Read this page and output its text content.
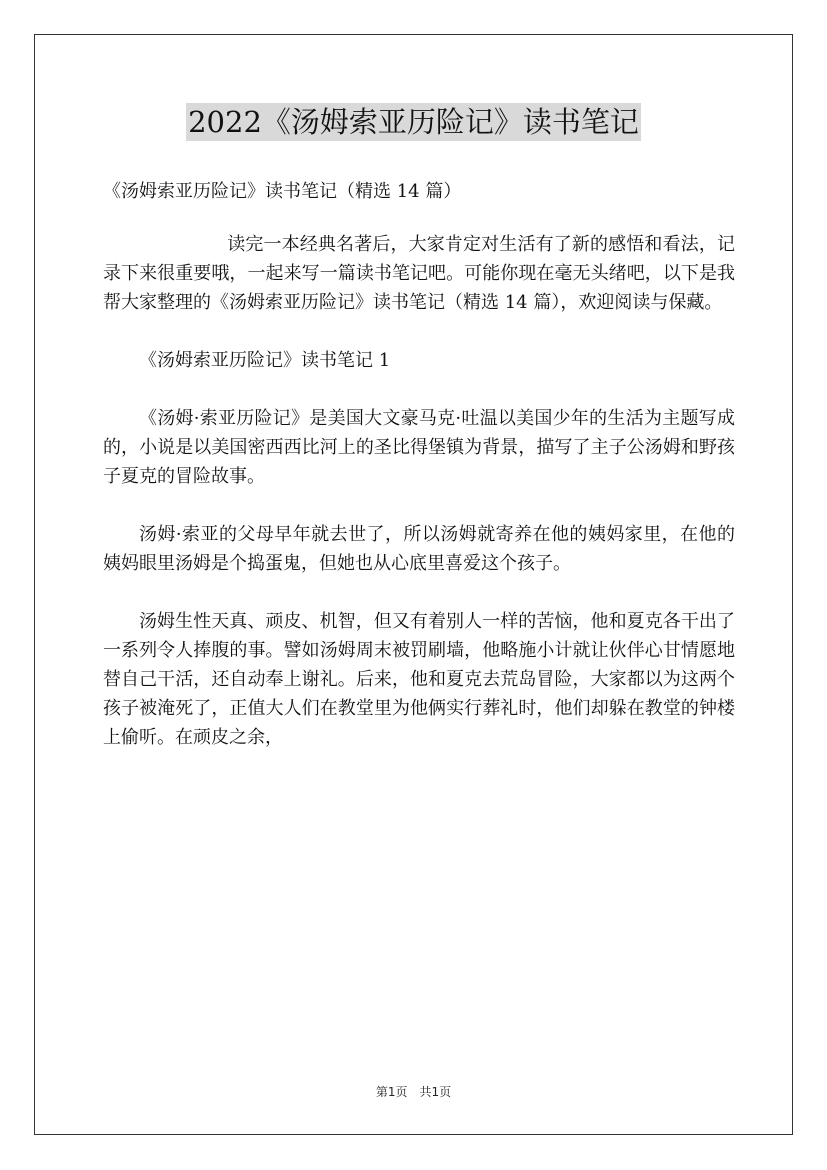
2022《汤姆索亚历险记》读书笔记
《汤姆索亚历险记》读书笔记（精选 14 篇）

读完一本经典名著后，大家肯定对生活有了新的感悟和看法，记录下来很重要哦，一起来写一篇读书笔记吧。可能你现在毫无头绪吧，以下是我帮大家整理的《汤姆索亚历险记》读书笔记（精选 14 篇），欢迎阅读与保藏。

《汤姆索亚历险记》读书笔记 1

《汤姆·索亚历险记》是美国大文豪马克·吐温以美国少年的生活为主题写成的，小说是以美国密西西比河上的圣比得堡镇为背景，描写了主子公汤姆和野孩子夏克的冒险故事。

汤姆·索亚的父母早年就去世了，所以汤姆就寄养在他的姨妈家里，在他的姨妈眼里汤姆是个捣蛋鬼，但她也从心底里喜爱这个孩子。

汤姆生性天真、顽皮、机智，但又有着别人一样的苦恼，他和夏克各干出了一系列令人捧腹的事。譬如汤姆周末被罚刷墙，他略施小计就让伙伴心甘情愿地替自己干活，还自动奉上谢礼。后来，他和夏克去荒岛冒险，大家都以为这两个孩子被淹死了，正值大人们在教堂里为他俩实行葬礼时，他们却躲在教堂的钟楼上偷听。在顽皮之余，

第1页　共1页
